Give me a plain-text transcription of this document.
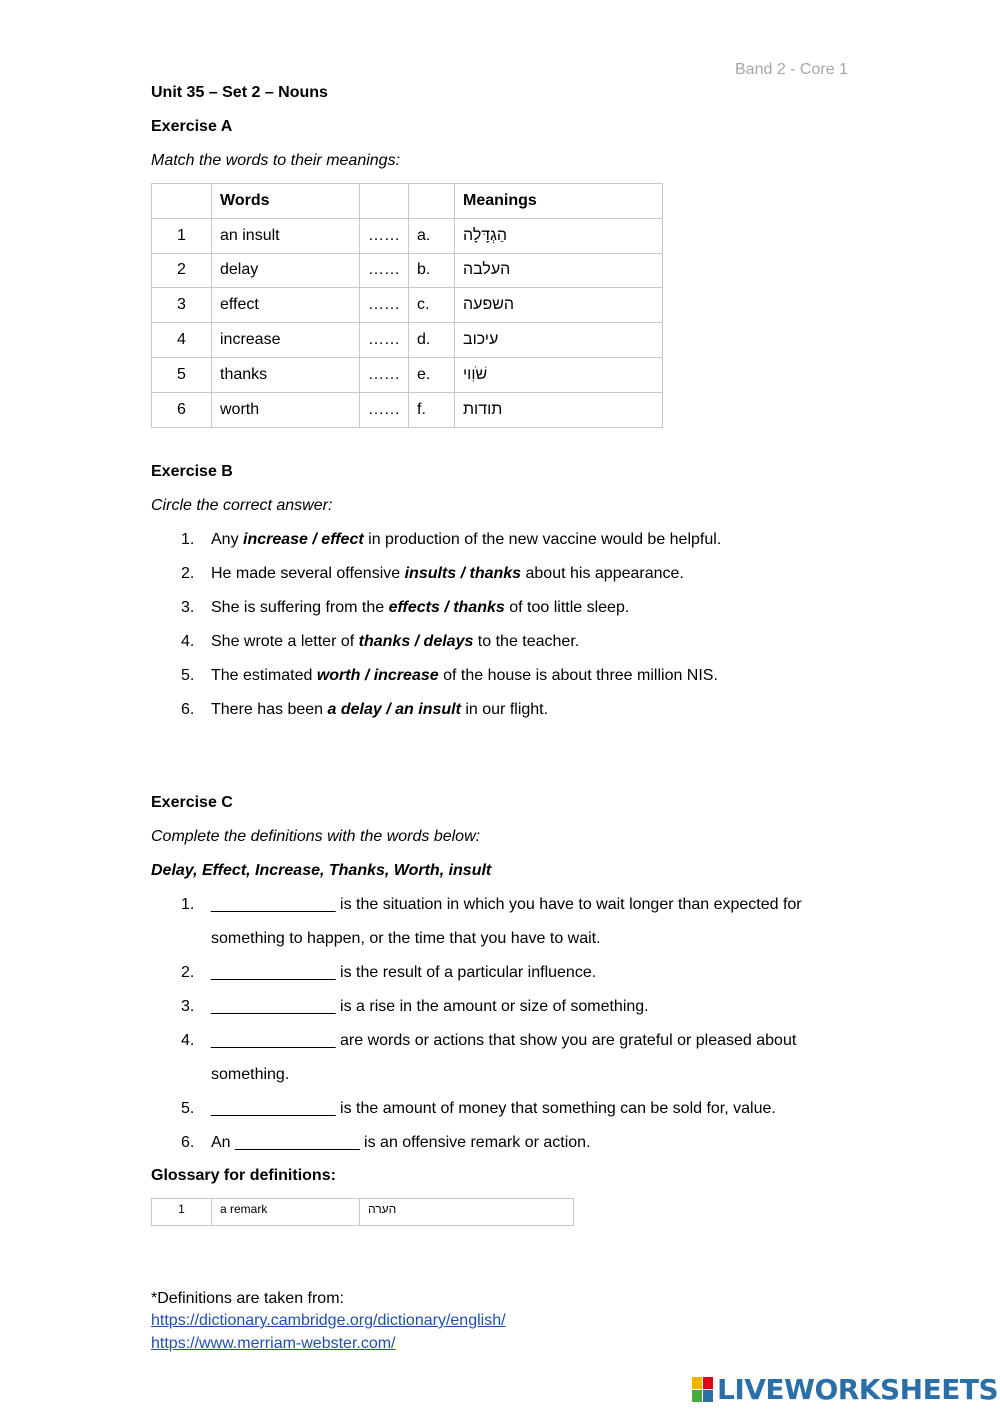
Band 2 - Core 1
Unit 35 – Set 2 – Nouns
Exercise A
Match the words to their meanings:
	Words			Meanings
1	an insult	……	a.	הַגְדָּלָה
2	delay	……	b.	העלבה
3	effect	……	c.	השפעה
4	increase	……	d.	עיכוב
5	thanks	……	e.	שֹׁוִוי
6	worth	……	f.	תודות
Exercise B
Circle the correct answer:
1. Any increase / effect in production of the new vaccine would be helpful.
2. He made several offensive insults / thanks about his appearance.
3. She is suffering from the effects / thanks of too little sleep.
4. She wrote a letter of thanks / delays to the teacher.
5. The estimated worth / increase of the house is about three million NIS.
6. There has been a delay / an insult in our flight.
Exercise C
Complete the definitions with the words below:
Delay, Effect, Increase, Thanks, Worth, insult
1. ______________ is the situation in which you have to wait longer than expected for
something to happen, or the time that you have to wait.
2. ______________ is the result of a particular influence.
3. ______________ is a rise in the amount or size of something.
4. ______________ are words or actions that show you are grateful or pleased about
something.
5. ______________ is the amount of money that something can be sold for, value.
6. An ______________ is an offensive remark or action.
Glossary for definitions:
1	a remark	הערה
*Definitions are taken from:
https://dictionary.cambridge.org/dictionary/english/
https://www.merriam-webster.com/
LIVEWORKSHEETS
